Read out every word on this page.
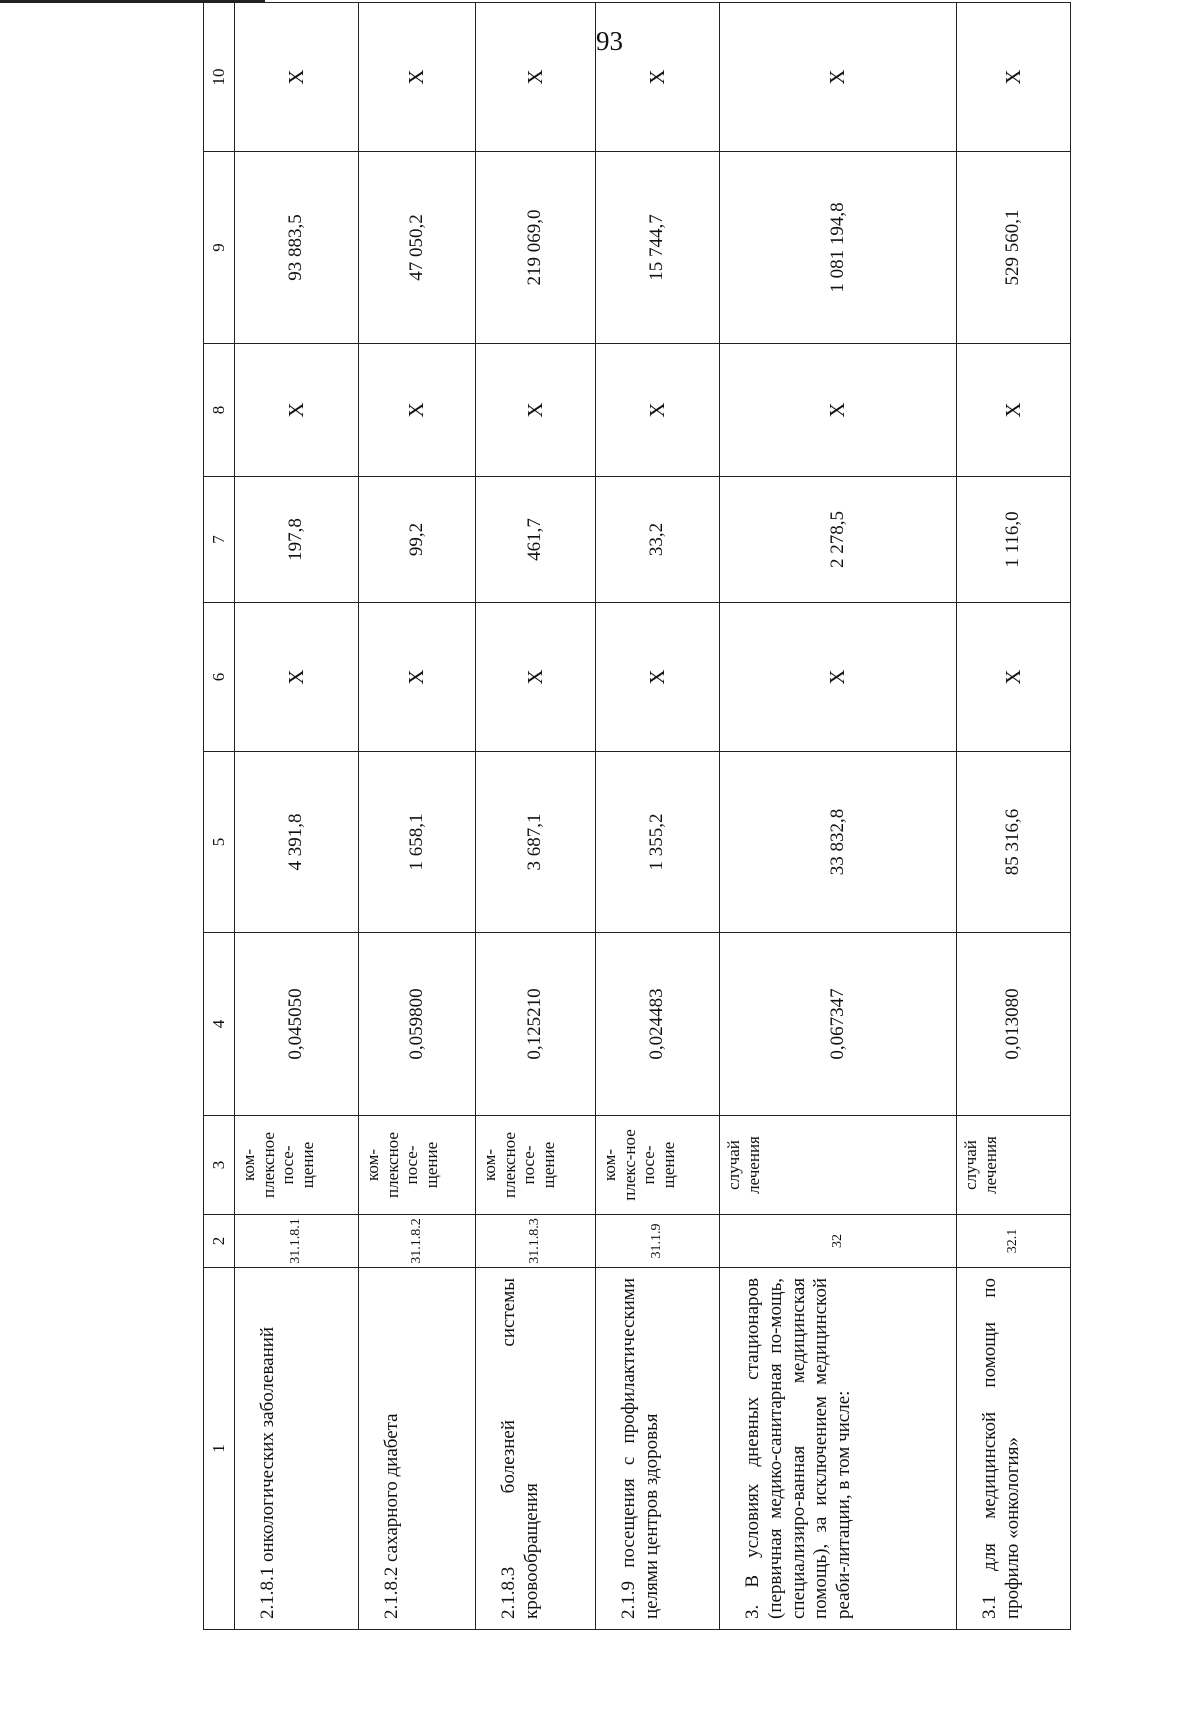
93
1	2	3	4	5	6	7	8	9	10
2.1.8.1 онкологических заболеваний	31.1.8.1	ком-плексное посе-щение	0,045050	4 391,8	Х	197,8	Х	93 883,5	Х
2.1.8.2 сахарного диабета	31.1.8.2	ком-плексное посе-щение	0,059800	1 658,1	Х	99,2	Х	47 050,2	Х
2.1.8.3 болезней системы кровообращения	31.1.8.3	ком-плексное посе-щение	0,125210	3 687,1	Х	461,7	Х	219 069,0	Х
2.1.9 посещения с профилактическими целями центров здоровья	31.1.9	ком-плекс-ное посе-щение	0,024483	1 355,2	Х	33,2	Х	15 744,7	Х
3. В условиях дневных стационаров (первичная медико-санитарная по-мощь, специализиро-ванная медицинская помощь), за исключением медицинской реаби-литации, в том числе:	32	случай лечения	0,067347	33 832,8	Х	2 278,5	Х	1 081 194,8	Х
3.1 для медицинской помощи по профилю «онкология»	32.1	случай лечения	0,013080	85 316,6	Х	1 116,0	Х	529 560,1	Х
